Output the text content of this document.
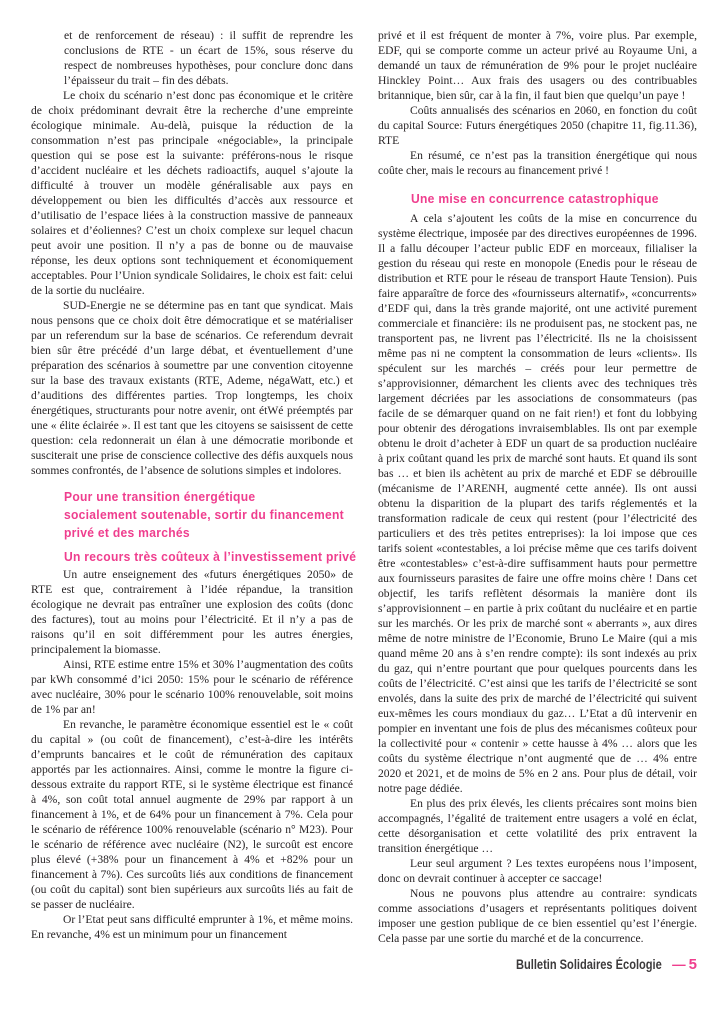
et de renforcement de réseau) : il suffit de reprendre les conclusions de RTE - un écart de 15%, sous réserve du respect de nombreuses hypothèses, pour conclure donc dans l’épaisseur du trait – fin des débats.

Le choix du scénario n’est donc pas économique et le critère de choix prédominant devrait être la recherche d’une empreinte écologique minimale. Au-delà, puisque la réduction de la consommation n’est pas principale «négociable», la principale question qui se pose est la suivante: préférons-nous le risque d’accident nucléaire et les déchets radioactifs, auquel s’ajoute la difficulté à trouver un modèle généralisable aux pays en développement ou bien les difficultés d’accès aux ressource et d’utilisatio de l’espace liées à la construction massive de panneaux solaires et d’éoliennes? C’est un choix complexe sur lequel chacun peut avoir une position. Il n’y a pas de bonne ou de mauvaise réponse, les deux options sont techniquement et économiquement acceptables. Pour l’Union syndicale Solidaires, le choix est fait: celui de la sortie du nucléaire.

SUD-Energie ne se détermine pas en tant que syndicat. Mais nous pensons que ce choix doit être démocratique et se matérialiser par un referendum sur la base de scénarios. Ce referendum devrait bien sûr être précédé d’un large débat, et éventuellement d’une préparation des scénarios à soumettre par une convention citoyenne sur la base des travaux existants (RTE, Ademe, négaWatt, etc.) et d’auditions des différentes parties. Trop longtemps, les choix énergétiques, structurants pour notre avenir, ont étWé préemptés par une « élite éclairée ». Il est tant que les citoyens se saisissent de cette question: cela redonnerait un élan à une démocratie moribonde et susciterait une prise de conscience collective des défis auxquels nous sommes confrontés, de l’absence de solutions simples et indolores.

Pour une transition énergétique
socialement soutenable, sortir du financement
privé et des marchés
Un recours très coûteux à l’investissement privé

Un autre enseignement des «futurs énergétiques 2050» de RTE est que, contrairement à l’idée répandue, la transition écologique ne devrait pas entraîner une explosion des coûts (donc des factures), tout au moins pour l’électricité. Et il n’y a pas de raisons qu’il en soit différemment pour les autres énergies, principalement la biomasse.

Ainsi, RTE estime entre 15% et 30% l’augmentation des coûts par kWh consommé d’ici 2050: 15% pour le scénario de référence avec nucléaire, 30% pour le scénario 100% renouvelable, soit moins de 1% par an!

En revanche, le paramètre économique essentiel est le « coût du capital » (ou coût de financement), c’est-à-dire les intérêts d’emprunts bancaires et le coût de rémunération des capitaux apportés par les actionnaires. Ainsi, comme le montre la figure ci-dessous extraite du rapport RTE, si le système électrique est financé à 4%, son coût total annuel augmente de 29% par rapport à un financement à 1%, et de 64% pour un financement à 7%. Cela pour le scénario de référence 100% renouvelable (scénario n° M23). Pour le scénario de référence avec nucléaire (N2), le surcoût est encore plus élevé (+38% pour un financement à 4% et +82% pour un financement à 7%). Ces surcoûts liés aux conditions de financement (ou coût du capital) sont bien supérieurs aux surcoûts liés au fait de se passer de nucléaire.

Or l’Etat peut sans difficulté emprunter à 1%, et même moins. En revanche, 4% est un minimum pour un financement

privé et il est fréquent de monter à 7%, voire plus. Par exemple, EDF, qui se comporte comme un acteur privé au Royaume Uni, a demandé un taux de rémunération de 9% pour le projet nucléaire Hinckley Point… Aux frais des usagers ou des contribuables britannique, bien sûr, car à la fin, il faut bien que quelqu’un paye !

Coûts annualisés des scénarios en 2060, en fonction du coût du capital Source: Futurs énergétiques 2050 (chapitre 11, fig.11.36), RTE

En résumé, ce n’est pas la transition énergétique qui nous coûte cher, mais le recours au financement privé !

Une mise en concurrence catastrophique

A cela s’ajoutent les coûts de la mise en concurrence du système électrique, imposée par des directives européennes de 1996. Il a fallu découper l’acteur public EDF en morceaux, filialiser la gestion du réseau qui reste en monopole (Enedis pour le réseau de distribution et RTE pour le réseau de transport Haute Tension). Puis faire apparaître de force des «fournisseurs alternatif», «concurrents» d’EDF qui, dans la très grande majorité, ont une activité purement commerciale et financière: ils ne produisent pas, ne stockent pas, ne transportent pas, ne livrent pas l’électricité. Ils ne la choisissent même pas ni ne comptent la consommation de leurs «clients». Ils spéculent sur les marchés – créés pour leur permettre de s’approvisionner, démarchent les clients avec des techniques très largement décriées par les associations de consommateurs (pas facile de se démarquer quand on ne fait rien!) et font du lobbying pour obtenir des dérogations invraisemblables. Ils ont par exemple obtenu le droit d’acheter à EDF un quart de sa production nucléaire à prix coûtant quand les prix de marché sont hauts. Et quand ils sont bas … et bien ils achètent au prix de marché et EDF se débrouille (mécanisme de l’ARENH, augmenté cette année). Ils ont aussi obtenu la disparition de la plupart des tarifs réglementés et la transformation radicale de ceux qui restent (pour l’électricité des particuliers et des très petites entreprises): la loi impose que ces tarifs soient «contestables, a loi précise même que ces tarifs doivent être «contestables» c’est-à-dire suffisamment hauts pour permettre aux fournisseurs parasites de faire une offre moins chère ! Dans cet objectif, les tarifs reflètent désormais la manière dont ils s’approvisionnent – en partie à prix coûtant du nucléaire et en partie sur les marchés. Or les prix de marché sont « aberrants », aux dires même de notre ministre de l’Economie, Bruno Le Maire (qui a mis quand même 20 ans à s’en rendre compte): ils sont indexés au prix du gaz, qui n’entre pourtant que pour quelques pourcents dans les coûts de l’électricité. C’est ainsi que les tarifs de l’électricité se sont envolés, dans la suite des prix de marché de l’électricité qui suivent eux-mêmes les cours mondiaux du gaz… L’Etat a dû intervenir en pompier en inventant une fois de plus des mécanismes coûteux pour la collectivité pour « contenir » cette hausse à 4% … alors que les coûts du système électrique n’ont augmenté que de … 4% entre 2020 et 2021, et de moins de 5% en 2 ans. Pour plus de détail, voir notre page dédiée.

En plus des prix élevés, les clients précaires sont moins bien accompagnés, l’égalité de traitement entre usagers a volé en éclat, cette désorganisation et cette volatilité des prix entravent la transition énergétique …

Leur seul argument ? Les textes européens nous l’imposent, donc on devrait continuer à accepter ce saccage!

Nous ne pouvons plus attendre au contraire: syndicats comme associations d’usagers et représentants politiques doivent imposer une gestion publique de ce bien essentiel qu’est l’énergie. Cela passe par une sortie du marché et de la concurrence.

Bulletin Solidaires Écologie — 5
